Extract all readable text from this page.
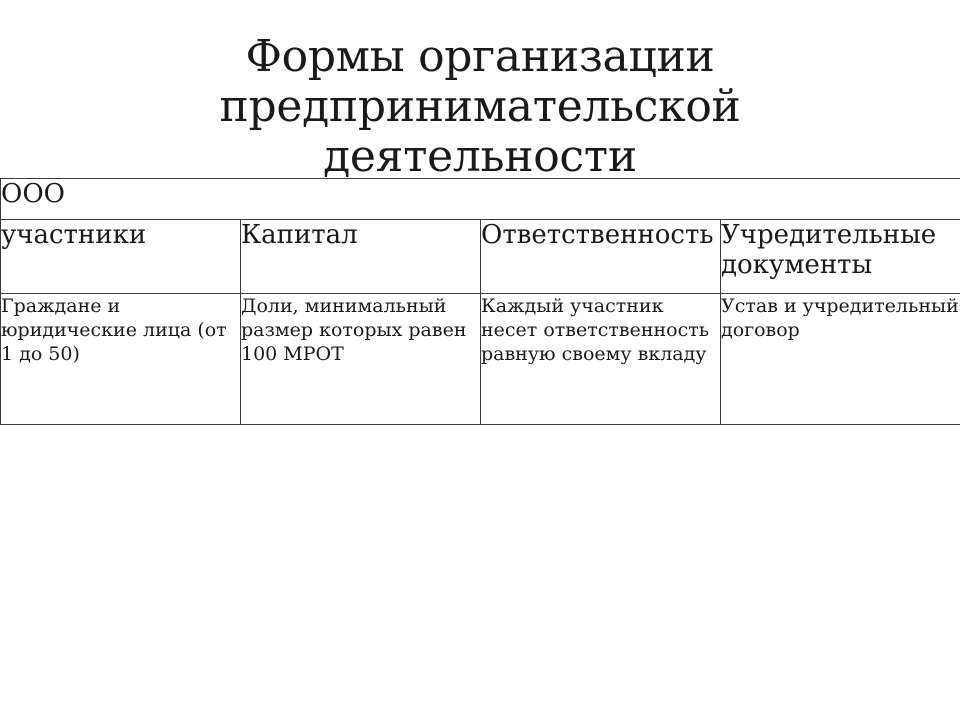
Формы организации предпринимательской
деятельности
ООО			
участники	Капитал	Ответственность	Учредительные документы
Граждане и юридические лица (от 1 до 50)	Доли, минимальный размер которых равен 100 МРОТ	Каждый участник несет ответственность равную своему вкладу	Устав и учредительный договор
